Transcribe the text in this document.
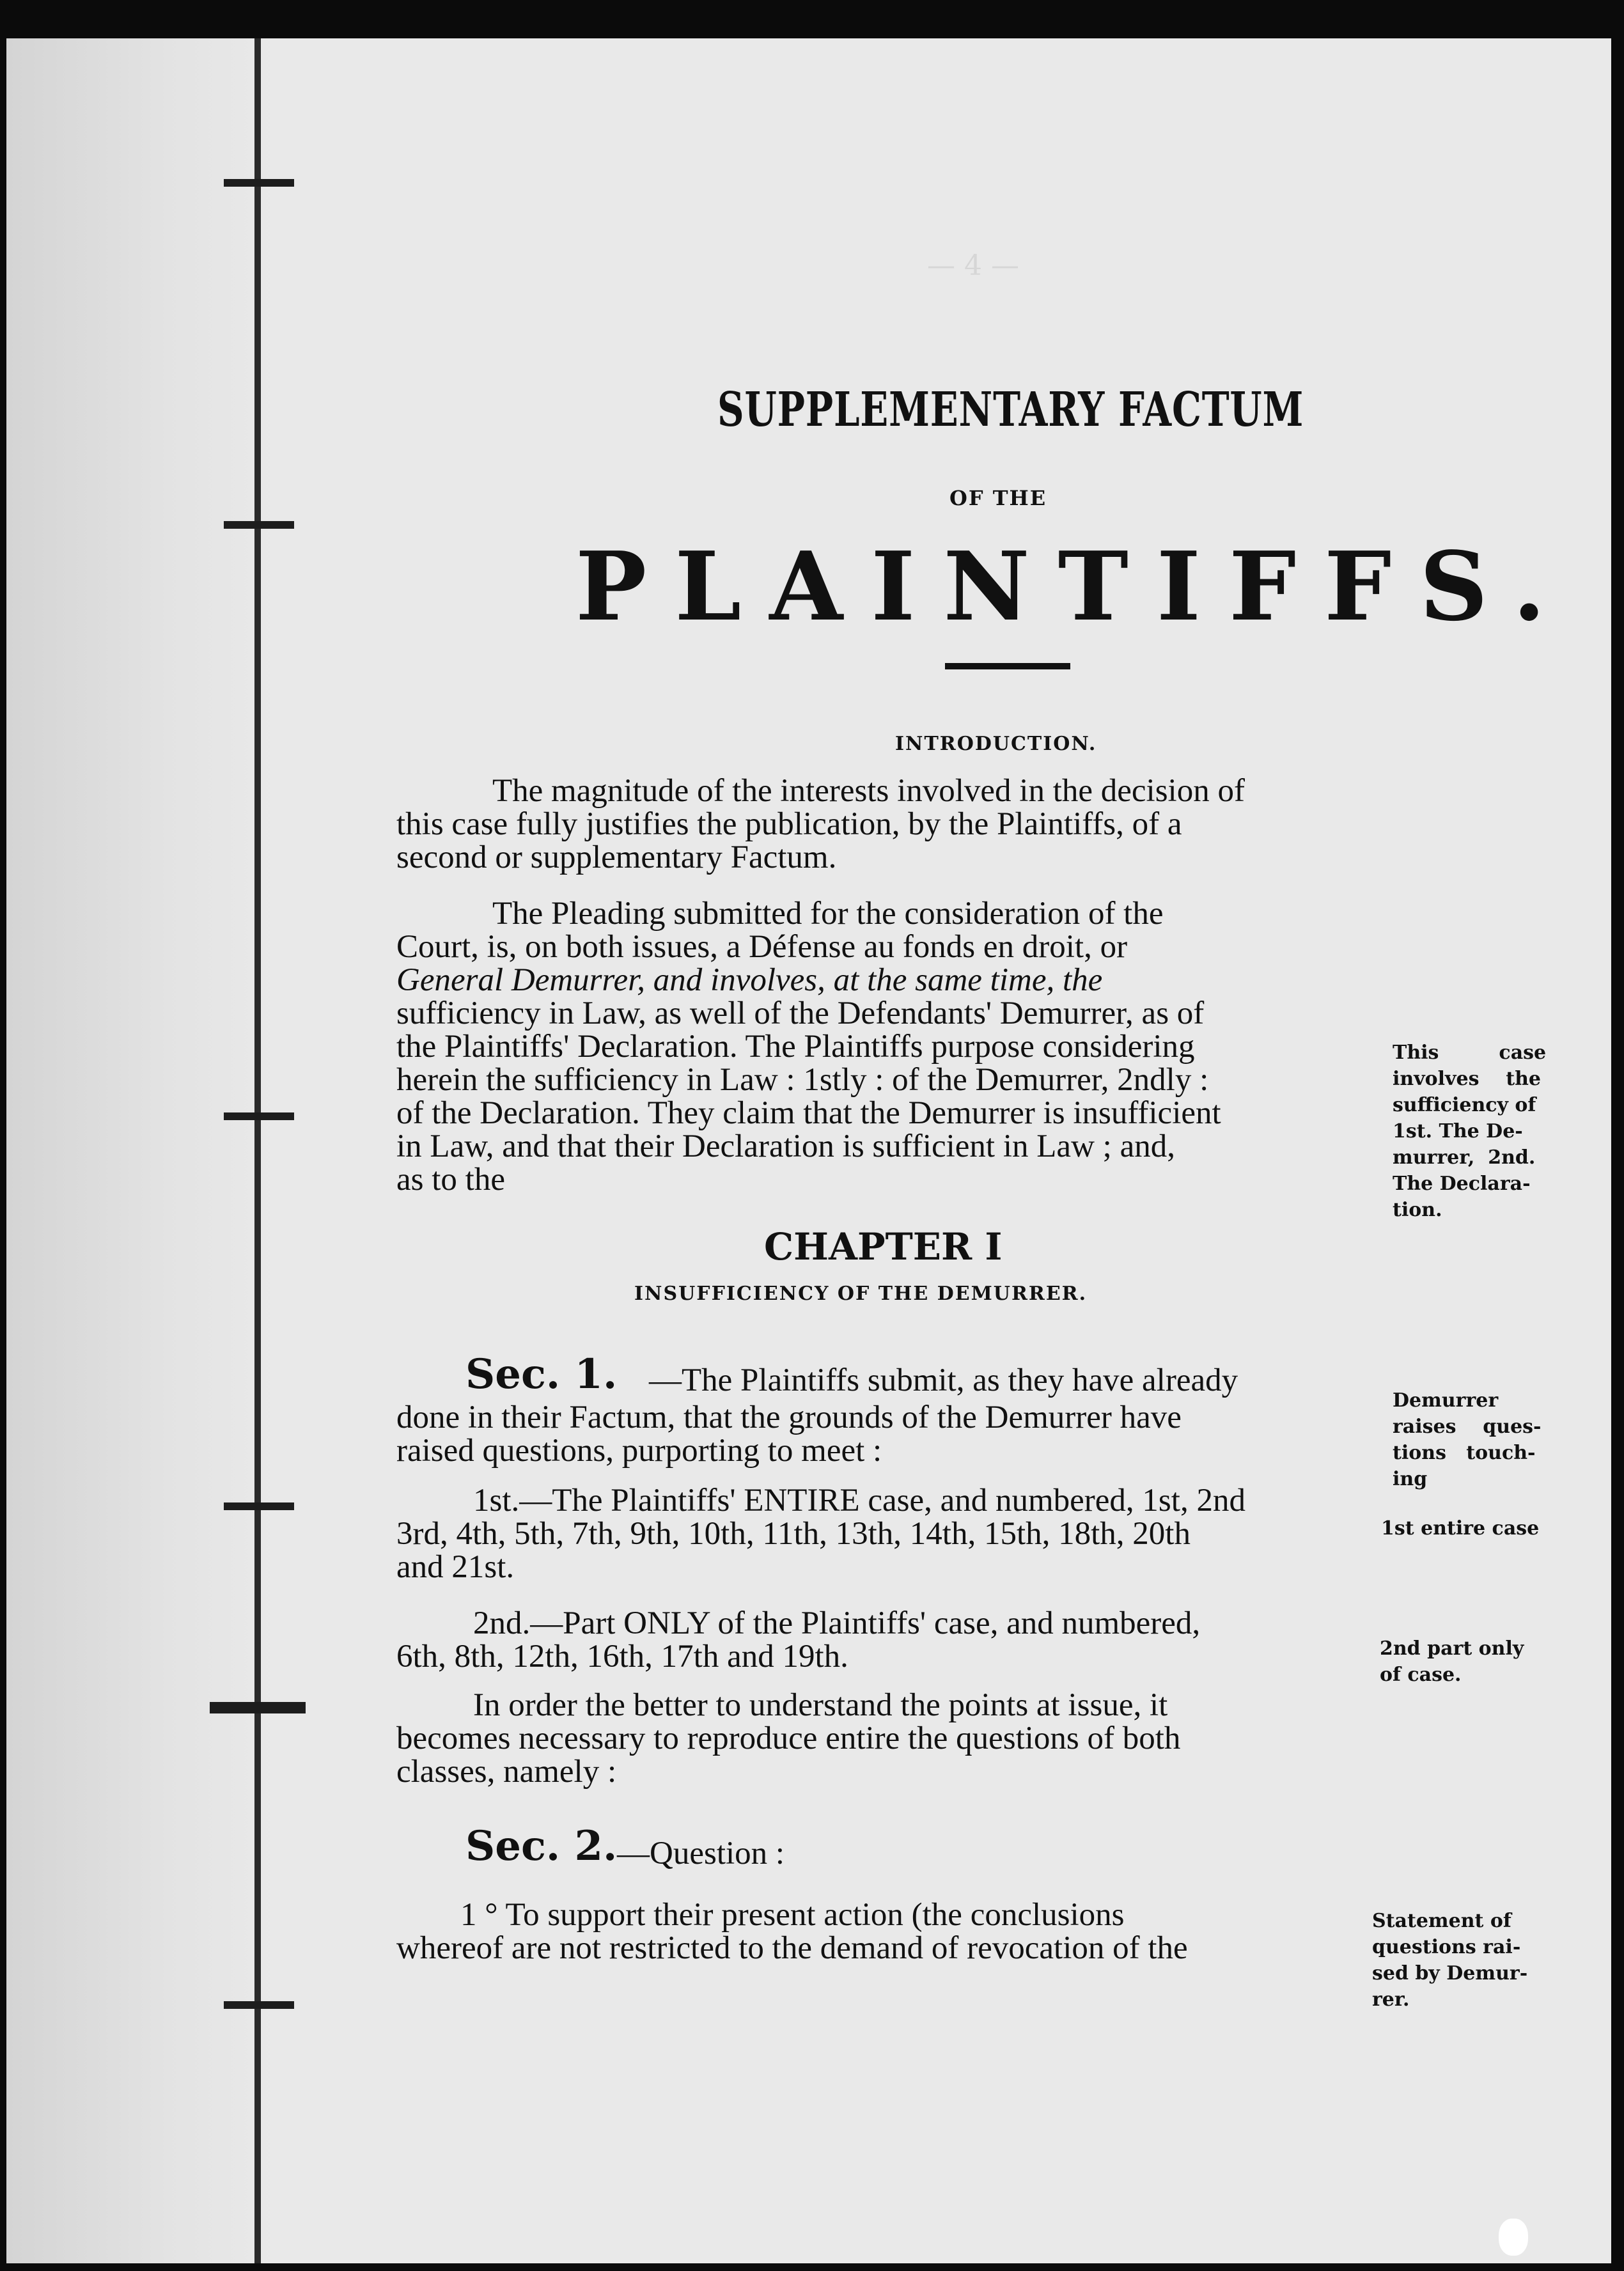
— 4 —
SUPPLEMENTARY FACTUM
OF THE
PLAINTIFFS.
INTRODUCTION.
The magnitude of the interests involved in the decision of
this case fully justifies the publication, by the Plaintiffs, of a
second or supplementary Factum.
The Pleading submitted for the consideration of the
Court, is, on both issues, a Défense au fonds en droit, or
General Demurrer, and involves, at the same time, the
sufficiency in Law, as well of the Defendants' Demurrer, as of
the Plaintiffs' Declaration. The Plaintiffs purpose considering
herein the sufficiency in Law : 1stly : of the Demurrer, 2ndly :
of the Declaration. They claim that the Demurrer is insufficient
in Law, and that their Declaration is sufficient in Law ; and,
as to the
CHAPTER I
INSUFFICIENCY OF THE DEMURRER.
Sec. 1. —The Plaintiffs submit, as they have already
done in their Factum, that the grounds of the Demurrer have
raised questions, purporting to meet :
1st.—The Plaintiffs' ENTIRE case, and numbered, 1st, 2nd
3rd, 4th, 5th, 7th, 9th, 10th, 11th, 13th, 14th, 15th, 18th, 20th
and 21st.
2nd.—Part ONLY of the Plaintiffs' case, and numbered,
6th, 8th, 12th, 16th, 17th and 19th.
In order the better to understand the points at issue, it
becomes necessary to reproduce entire the questions of both
classes, namely :
Sec. 2. —Question :
1 ° To support their present action (the conclusions
whereof are not restricted to the demand of revocation of the
This         case
involves    the
sufficiency of
1st. The De-
murrer,  2nd.
The Declara-
tion.
Demurrer
raises    ques-
tions   touch-
ing
1st entire case
2nd part only
of case.
Statement of
questions rai-
sed by Demur-
rer.
